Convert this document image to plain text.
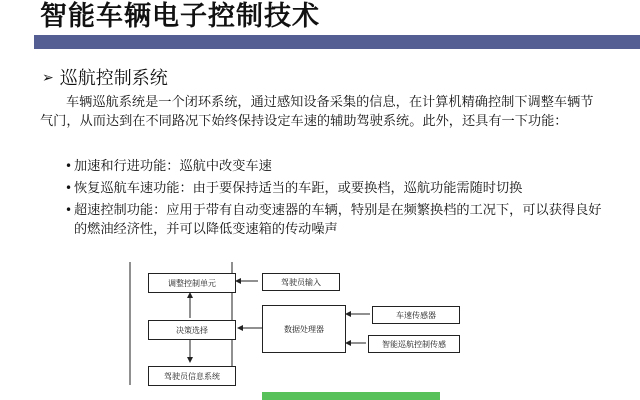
智能车辆电子控制技术
➢ 巡航控制系统
车辆巡航系统是一个闭环系统，通过感知设备采集的信息，在计算机精确控制下调整车辆节气门，从而达到在不同路况下始终保持设定车速的辅助驾驶系统。此外，还具有一下功能：
• 加速和行进功能：巡航中改变车速
• 恢复巡航车速功能：由于要保持适当的车距，或要换档，巡航功能需随时切换
• 超速控制功能：应用于带有自动变速器的车辆，特别是在频繁换档的工况下，可以获得良好的燃油经济性，并可以降低变速箱的传动噪声
调整控制单元	驾驶员输入
决策选择	数据处理器
车速传感器
智能巡航控制传感
驾驶员信息系统
